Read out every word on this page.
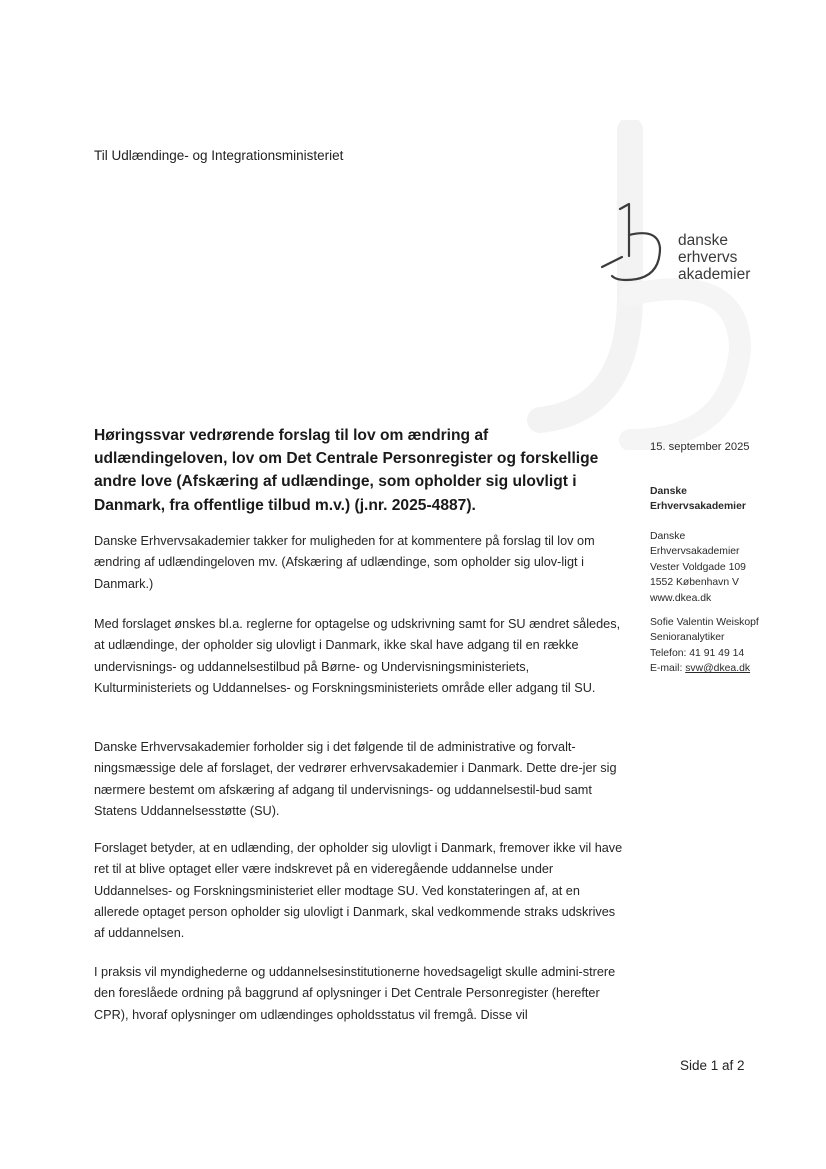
Til Udlændinge- og Integrationsministeriet
danske
erhvervs
akademier
Høringssvar vedrørende forslag til lov om ændring af udlændingeloven, lov om Det Centrale Personregister og forskellige andre love (Afskæring af udlændinge, som opholder sig ulovligt i Danmark, fra offentlige tilbud m.v.) (j.nr. 2025-4887).

Danske Erhvervsakademier takker for muligheden for at kommentere på forslag til lov om ændring af udlændingeloven mv. (Afskæring af udlændinge, som opholder sig ulov-ligt i Danmark.)

Med forslaget ønskes bl.a. reglerne for optagelse og udskrivning samt for SU ændret således, at udlændinge, der opholder sig ulovligt i Danmark, ikke skal have adgang til en række undervisnings- og uddannelsestilbud på Børne- og Undervisningsministeriets, Kulturministeriets og Uddannelses- og Forskningsministeriets område eller adgang til SU.

Danske Erhvervsakademier forholder sig i det følgende til de administrative og forvalt-ningsmæssige dele af forslaget, der vedrører erhvervsakademier i Danmark. Dette dre-jer sig nærmere bestemt om afskæring af adgang til undervisnings- og uddannelsestil-bud samt Statens Uddannelsesstøtte (SU).

Forslaget betyder, at en udlænding, der opholder sig ulovligt i Danmark, fremover ikke vil have ret til at blive optaget eller være indskrevet på en videregående uddannelse under Uddannelses- og Forskningsministeriet eller modtage SU. Ved konstateringen af, at en allerede optaget person opholder sig ulovligt i Danmark, skal vedkommende straks udskrives af uddannelsen.

I praksis vil myndighederne og uddannelsesinstitutionerne hovedsageligt skulle admini-strere den foreslåede ordning på baggrund af oplysninger i Det Centrale Personregister (herefter CPR), hvoraf oplysninger om udlændinges opholdsstatus vil fremgå. Disse vil

15. september 2025
Danske
Erhvervsakademier
Danske
Erhvervsakademier
Vester Voldgade 109
1552 København V
www.dkea.dk
Sofie Valentin Weiskopf
Senioranalytiker
Telefon: 41 91 49 14
E-mail: svw@dkea.dk
Side 1 af 2
